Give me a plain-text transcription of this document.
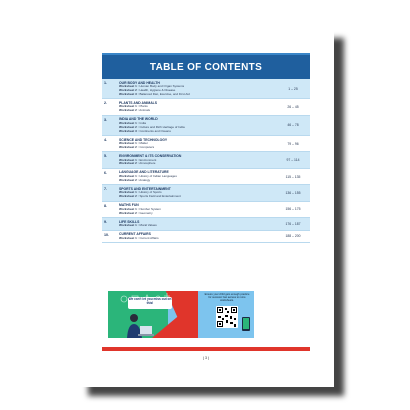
TABLE OF CONTENTS
1.	OUR BODY AND HEALTH
Worksheet 1 : Human Body and Organ Systems
Worksheet 2 : Health, Hygiene & Disease
Worksheet 3 : Balanced Diet, Exercise, and First Aid
1 – 25
2.	PLANTS AND ANIMALS
Worksheet 1 : Plants
Worksheet 2 : Animals
26 – 45
3.	INDIA AND THE WORLD
Worksheet 1 : India
Worksheet 2 : Culture and Rich Heritage of India
Worksheet 3 : Continents and Oceans
46 – 78
4.	SCIENCE AND TECHNOLOGY
Worksheet 1 : Matter
Worksheet 2 : Computers
79 – 96
5.	ENVIRONMENT & ITS CONSERVATION
Worksheet 1 : Environment
Worksheet 2 : Atmosphere
97 – 114
6.	LANGUAGE AND LITERATURE
Worksheet 1 : History of Indian Languages
Worksheet 2 : Analogy
115 – 135
7.	SPORTS AND ENTERTAINMENT
Worksheet 1 : History of Sports
Worksheet 2 : Sports Field and Entertainment
136 – 155
8.	MATHS FUN
Worksheet 1 : Number System
Worksheet 2 : Geometry
156 – 175
9.	LIFE SKILLS
Worksheet 1 : Moral Values	176 – 187
10.	CURRENT AFFAIRS
Worksheet 1 : Current Affairs	188 – 200
( 3 )
We can't let you miss out on this!
Ensure your child gets enough practice for success! Get access to more worksheets.
